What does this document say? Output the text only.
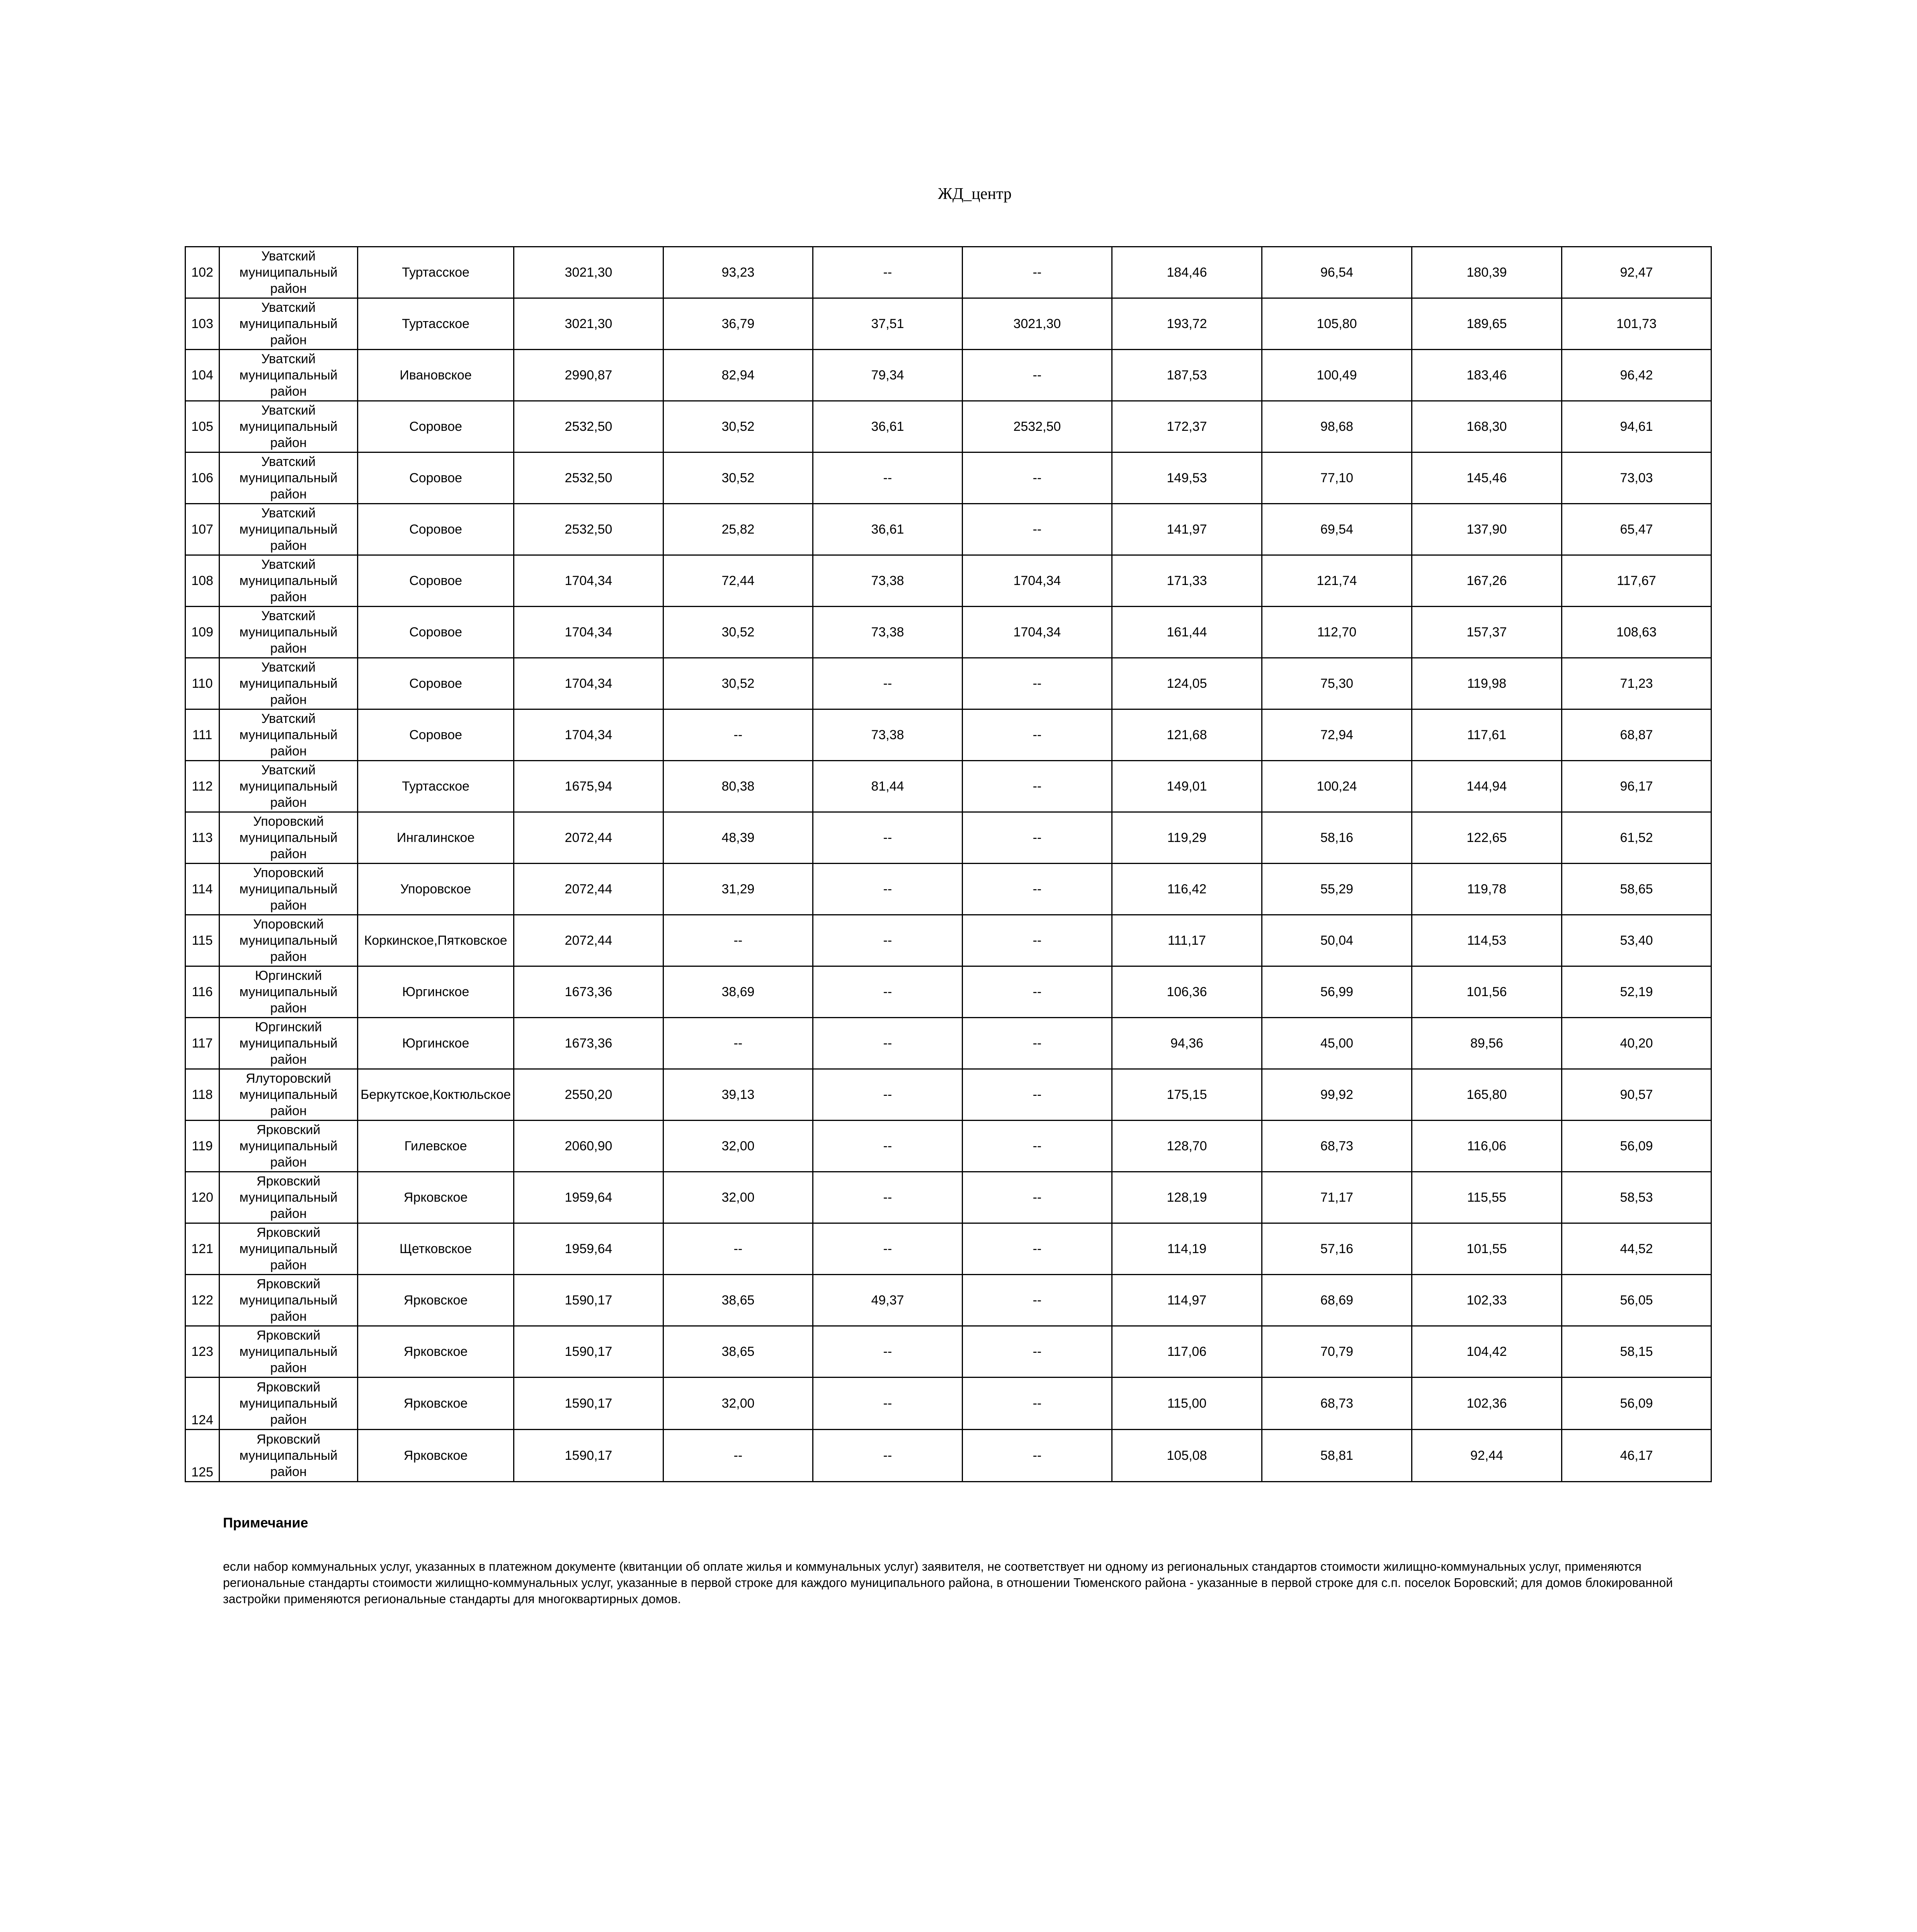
ЖД_центр
102	Уватский муниципальный район	Туртасское	3021,30	93,23	--	--	184,46	96,54	180,39	92,47
103	Уватский муниципальный район	Туртасское	3021,30	36,79	37,51	3021,30	193,72	105,80	189,65	101,73
104	Уватский муниципальный район	Ивановское	2990,87	82,94	79,34	--	187,53	100,49	183,46	96,42
105	Уватский муниципальный район	Соровое	2532,50	30,52	36,61	2532,50	172,37	98,68	168,30	94,61
106	Уватский муниципальный район	Соровое	2532,50	30,52	--	--	149,53	77,10	145,46	73,03
107	Уватский муниципальный район	Соровое	2532,50	25,82	36,61	--	141,97	69,54	137,90	65,47
108	Уватский муниципальный район	Соровое	1704,34	72,44	73,38	1704,34	171,33	121,74	167,26	117,67
109	Уватский муниципальный район	Соровое	1704,34	30,52	73,38	1704,34	161,44	112,70	157,37	108,63
110	Уватский муниципальный район	Соровое	1704,34	30,52	--	--	124,05	75,30	119,98	71,23
111	Уватский муниципальный район	Соровое	1704,34	--	73,38	--	121,68	72,94	117,61	68,87
112	Уватский муниципальный район	Туртасское	1675,94	80,38	81,44	--	149,01	100,24	144,94	96,17
113	Упоровский муниципальный район	Ингалинское	2072,44	48,39	--	--	119,29	58,16	122,65	61,52
114	Упоровский муниципальный район	Упоровское	2072,44	31,29	--	--	116,42	55,29	119,78	58,65
115	Упоровский муниципальный район	Коркинское,Пятковское	2072,44	--	--	--	111,17	50,04	114,53	53,40
116	Юргинский муниципальный район	Юргинское	1673,36	38,69	--	--	106,36	56,99	101,56	52,19
117	Юргинский муниципальный район	Юргинское	1673,36	--	--	--	94,36	45,00	89,56	40,20
118	Ялуторовский муниципальный район	Беркутское,Коктюльское	2550,20	39,13	--	--	175,15	99,92	165,80	90,57
119	Ярковский муниципальный район	Гилевское	2060,90	32,00	--	--	128,70	68,73	116,06	56,09
120	Ярковский муниципальный район	Ярковское	1959,64	32,00	--	--	128,19	71,17	115,55	58,53
121	Ярковский муниципальный район	Щетковское	1959,64	--	--	--	114,19	57,16	101,55	44,52
122	Ярковский муниципальный район	Ярковское	1590,17	38,65	49,37	--	114,97	68,69	102,33	56,05
123	Ярковский муниципальный район	Ярковское	1590,17	38,65	--	--	117,06	70,79	104,42	58,15
124	Ярковский муниципальный район	Ярковское	1590,17	32,00	--	--	115,00	68,73	102,36	56,09
125	Ярковский муниципальный район	Ярковское	1590,17	--	--	--	105,08	58,81	92,44	46,17
Примечание
если набор коммунальных услуг, указанных в платежном документе (квитанции об оплате жилья и коммунальных услуг) заявителя, не соответствует ни одному из региональных стандартов стоимости жилищно-коммунальных услуг, применяются региональные стандарты стоимости жилищно-коммунальных услуг, указанные в первой строке для каждого муниципального района, в отношении Тюменского района - указанные в первой строке для с.п. поселок Боровский; для домов блокированной застройки применяются региональные стандарты для многоквартирных домов.
